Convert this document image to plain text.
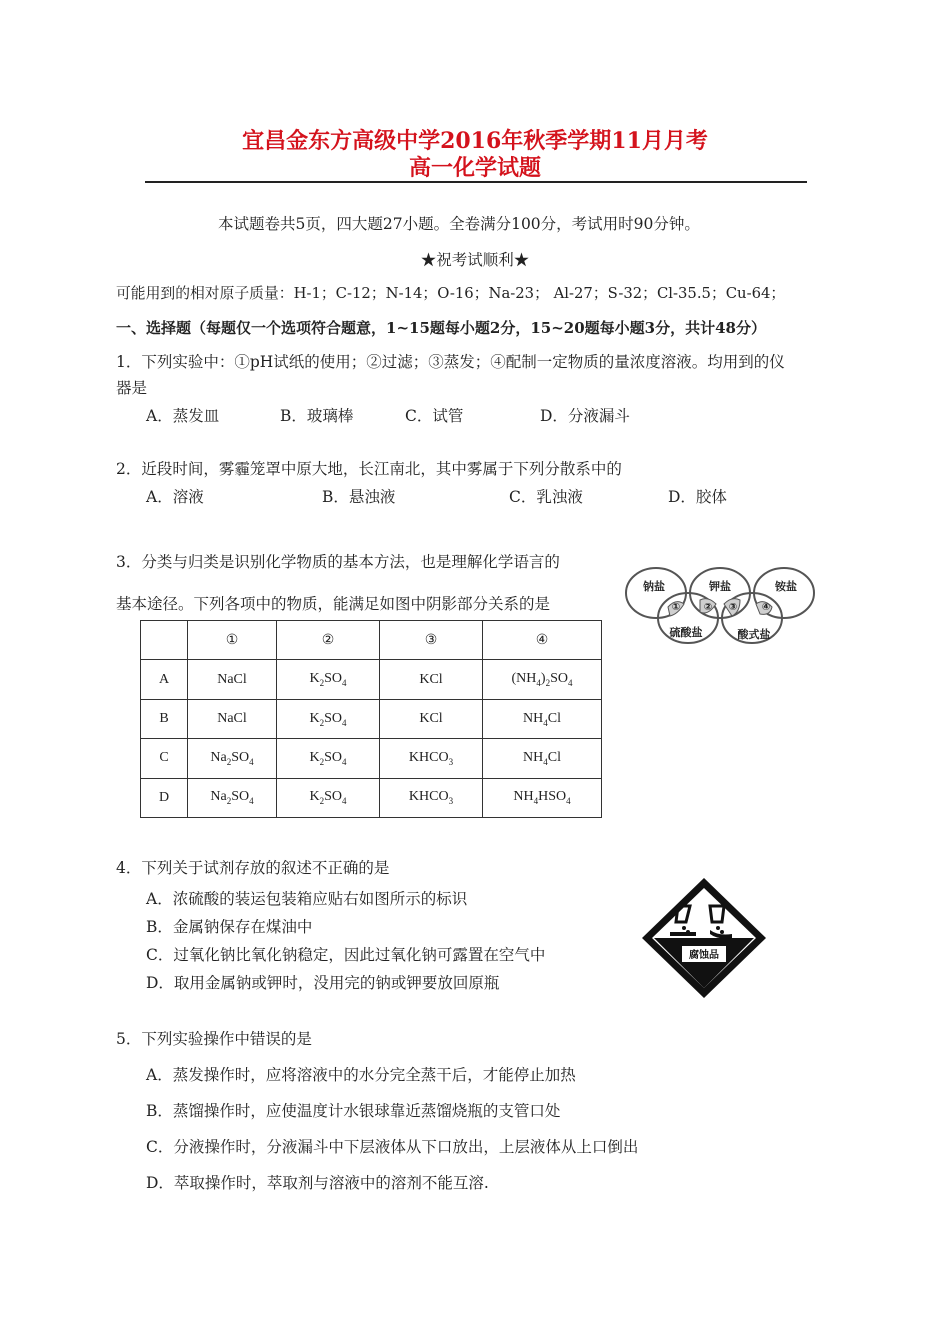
宜昌金东方高级中学2016年秋季学期11月月考
高一化学试题
本试题卷共5页，四大题27小题。全卷满分100分，考试用时90分钟。
★祝考试顺利★
可能用到的相对原子质量：H-1；C-12；N-14；O-16；Na-23； Al-27；S-32；Cl-35.5；Cu-64；
一、选择题（每题仅一个选项符合题意，1~15题每小题2分，15~20题每小题3分，共计48分）
1．下列实验中：①pH试纸的使用；②过滤；③蒸发；④配制一定物质的量浓度溶液。均用到的仪
器是
A．蒸发皿	B．玻璃棒	C．试管	D．分液漏斗
2．近段时间，雾霾笼罩中原大地，长江南北，其中雾属于下列分散系中的
A．溶液	B．悬浊液	C．乳浊液	D．胶体
3．分类与归类是识别化学物质的基本方法，也是理解化学语言的
基本途径。下列各项中的物质，能满足如图中阴影部分关系的是
	①	②	③	④
A	NaCl	$K_2SO_4$	KCl	$(NH_4)_2SO_4$
B	NaCl	$K_2SO_4$	KCl	$NH_4Cl$
C	$Na_2SO_4$	$K_2SO_4$	$KHCO_3$	$NH_4Cl$
D	$Na_2SO_4$	$K_2SO_4$	$KHCO_3$	$NH_4HSO_4$
钠盐	钾盐	铵盐
硫酸盐	酸式盐
① ② ③ ④
4．下列关于试剂存放的叙述不正确的是
A．浓硫酸的装运包装箱应贴右如图所示的标识
B．金属钠保存在煤油中
C．过氧化钠比氧化钠稳定，因此过氧化钠可露置在空气中
D．取用金属钠或钾时，没用完的钠或钾要放回原瓶
腐蚀品
5．下列实验操作中错误的是
A．蒸发操作时，应将溶液中的水分完全蒸干后，才能停止加热
B．蒸馏操作时，应使温度计水银球靠近蒸馏烧瓶的支管口处
C．分液操作时，分液漏斗中下层液体从下口放出，上层液体从上口倒出
D．萃取操作时，萃取剂与溶液中的溶剂不能互溶.
